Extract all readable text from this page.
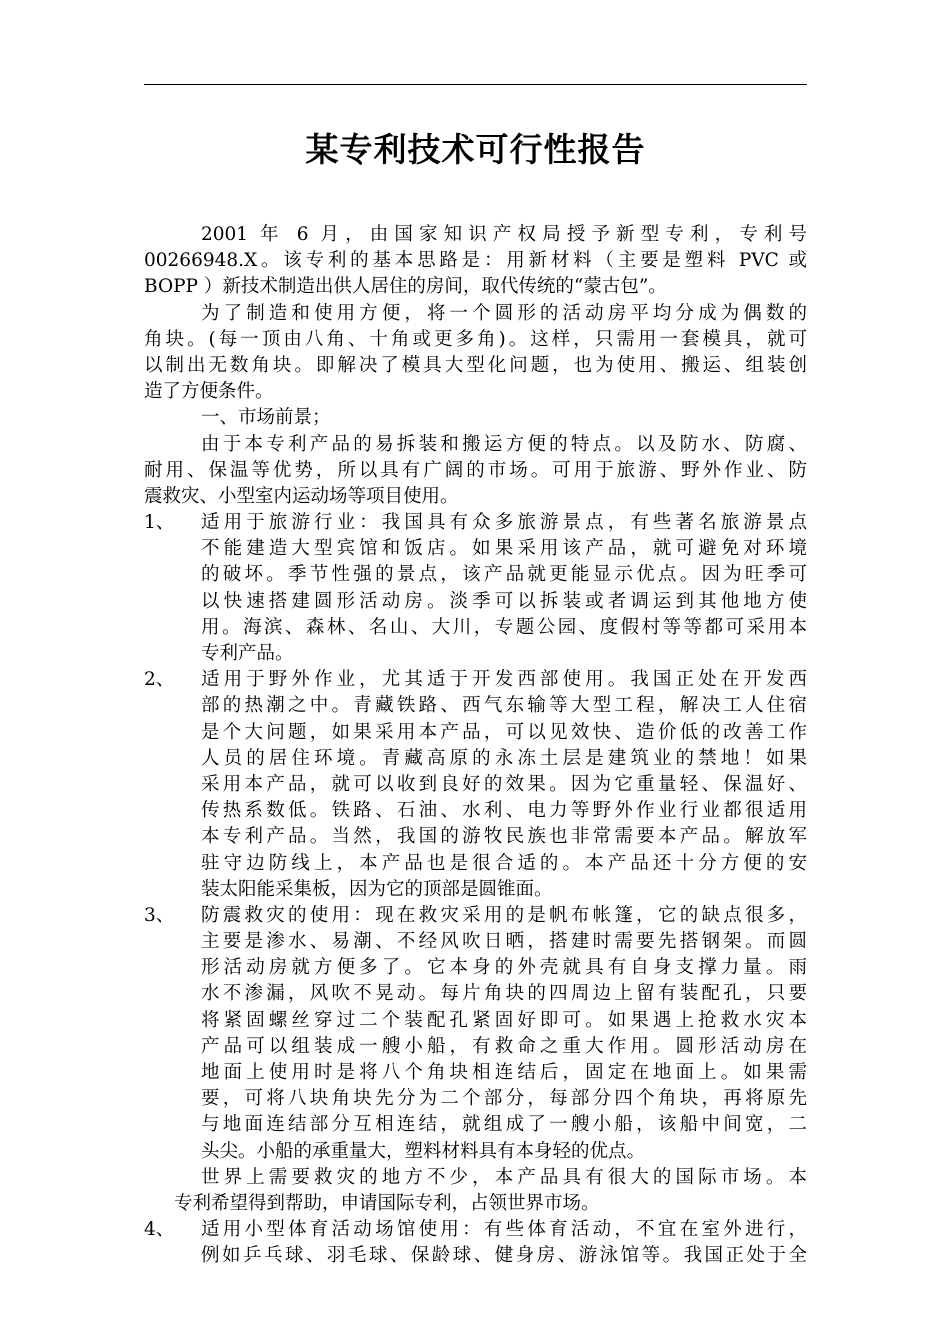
某专利技术可行性报告
2001 年 6 月，由国家知识产权局授予新型专利，专利号
00266948.X。该专利的基本思路是：用新材料（主要是塑料 PVC 或
BOPP ）新技术制造出供人居住的房间，取代传统的“蒙古包”。
为了制造和使用方便，将一个圆形的活动房平均分成为偶数的
角块。(每一顶由八角、十角或更多角)。这样，只需用一套模具，就可
以制出无数角块。即解决了模具大型化问题，也为使用、搬运、组装创
造了方便条件。
一、市场前景；
由于本专利产品的易拆装和搬运方便的特点。以及防水、防腐、
耐用、保温等优势，所以具有广阔的市场。可用于旅游、野外作业、防
震救灾、小型室内运动场等项目使用。
1、 适用于旅游行业：我国具有众多旅游景点，有些著名旅游景点
不能建造大型宾馆和饭店。如果采用该产品，就可避免对环境
的破坏。季节性强的景点，该产品就更能显示优点。因为旺季可
以快速搭建圆形活动房。淡季可以拆装或者调运到其他地方使
用。海滨、森林、名山、大川，专题公园、度假村等等都可采用本
专利产品。
2、 适用于野外作业，尤其适于开发西部使用。我国正处在开发西
部的热潮之中。青藏铁路、西气东输等大型工程，解决工人住宿
是个大问题，如果采用本产品，可以见效快、造价低的改善工作
人员的居住环境。青藏高原的永冻土层是建筑业的禁地！如果
采用本产品，就可以收到良好的效果。因为它重量轻、保温好、
传热系数低。铁路、石油、水利、电力等野外作业行业都很适用
本专利产品。当然，我国的游牧民族也非常需要本产品。解放军
驻守边防线上，本产品也是很合适的。本产品还十分方便的安
装太阳能采集板，因为它的顶部是圆锥面。
3、 防震救灾的使用：现在救灾采用的是帆布帐篷，它的缺点很多，
主要是渗水、易潮、不经风吹日晒，搭建时需要先搭钢架。而圆
形活动房就方便多了。它本身的外壳就具有自身支撑力量。雨
水不渗漏，风吹不晃动。每片角块的四周边上留有装配孔，只要
将紧固螺丝穿过二个装配孔紧固好即可。如果遇上抢救水灾本
产品可以组装成一艘小船，有救命之重大作用。圆形活动房在
地面上使用时是将八个角块相连结后，固定在地面上。如果需
要，可将八块角块先分为二个部分，每部分四个角块，再将原先
与地面连结部分互相连结，就组成了一艘小船，该船中间宽，二
头尖。小船的承重量大，塑料材料具有本身轻的优点。
世界上需要救灾的地方不少，本产品具有很大的国际市场。本
专利希望得到帮助，申请国际专利，占领世界市场。
4、 适用小型体育活动场馆使用：有些体育活动，不宜在室外进行，
例如乒乓球、羽毛球、保龄球、健身房、游泳馆等。我国正处于全
